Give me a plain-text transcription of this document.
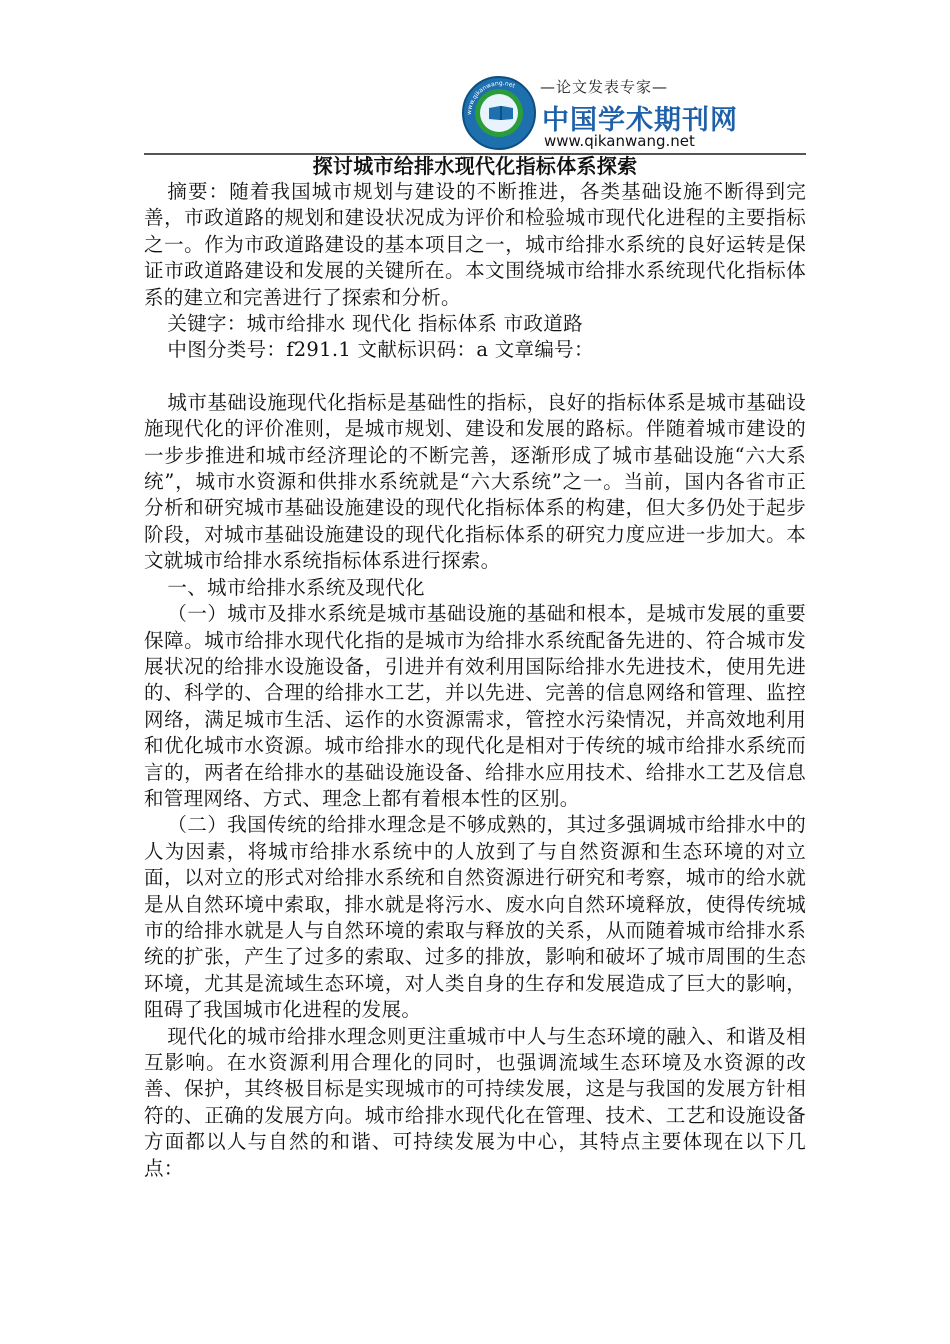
www.qikanwang.net —论文发表专家—
中国学术期刊网
www.qikanwang.net
探讨城市给排水现代化指标体系探索

摘要：随着我国城市规划与建设的不断推进，各类基础设施不断得到完善，市政道路的规划和建设状况成为评价和检验城市现代化进程的主要指标之一。作为市政道路建设的基本项目之一，城市给排水系统的良好运转是保证市政道路建设和发展的关键所在。本文围绕城市给排水系统现代化指标体系的建立和完善进行了探索和分析。

关键字：城市给排水 现代化 指标体系 市政道路

中图分类号：f291.1 文献标识码：a 文章编号：

城市基础设施现代化指标是基础性的指标，良好的指标体系是城市基础设施现代化的评价准则，是城市规划、建设和发展的路标。伴随着城市建设的一步步推进和城市经济理论的不断完善，逐渐形成了城市基础设施“六大系统”，城市水资源和供排水系统就是“六大系统”之一。当前，国内各省市正分析和研究城市基础设施建设的现代化指标体系的构建，但大多仍处于起步阶段，对城市基础设施建设的现代化指标体系的研究力度应进一步加大。本文就城市给排水系统指标体系进行探索。

一、城市给排水系统及现代化

（一）城市及排水系统是城市基础设施的基础和根本，是城市发展的重要保障。城市给排水现代化指的是城市为给排水系统配备先进的、符合城市发展状况的给排水设施设备，引进并有效利用国际给排水先进技术，使用先进的、科学的、合理的给排水工艺，并以先进、完善的信息网络和管理、监控网络，满足城市生活、运作的水资源需求，管控水污染情况，并高效地利用和优化城市水资源。城市给排水的现代化是相对于传统的城市给排水系统而言的，两者在给排水的基础设施设备、给排水应用技术、给排水工艺及信息和管理网络、方式、理念上都有着根本性的区别。

（二）我国传统的给排水理念是不够成熟的，其过多强调城市给排水中的人为因素，将城市给排水系统中的人放到了与自然资源和生态环境的对立面，以对立的形式对给排水系统和自然资源进行研究和考察，城市的给水就是从自然环境中索取，排水就是将污水、废水向自然环境释放，使得传统城市的给排水就是人与自然环境的索取与释放的关系，从而随着城市给排水系统的扩张，产生了过多的索取、过多的排放，影响和破坏了城市周围的生态环境，尤其是流域生态环境，对人类自身的生存和发展造成了巨大的影响，阻碍了我国城市化进程的发展。

现代化的城市给排水理念则更注重城市中人与生态环境的融入、和谐及相互影响。在水资源利用合理化的同时，也强调流域生态环境及水资源的改善、保护，其终极目标是实现城市的可持续发展，这是与我国的发展方针相符的、正确的发展方向。城市给排水现代化在管理、技术、工艺和设施设备方面都以人与自然的和谐、可持续发展为中心，其特点主要体现在以下几点：
